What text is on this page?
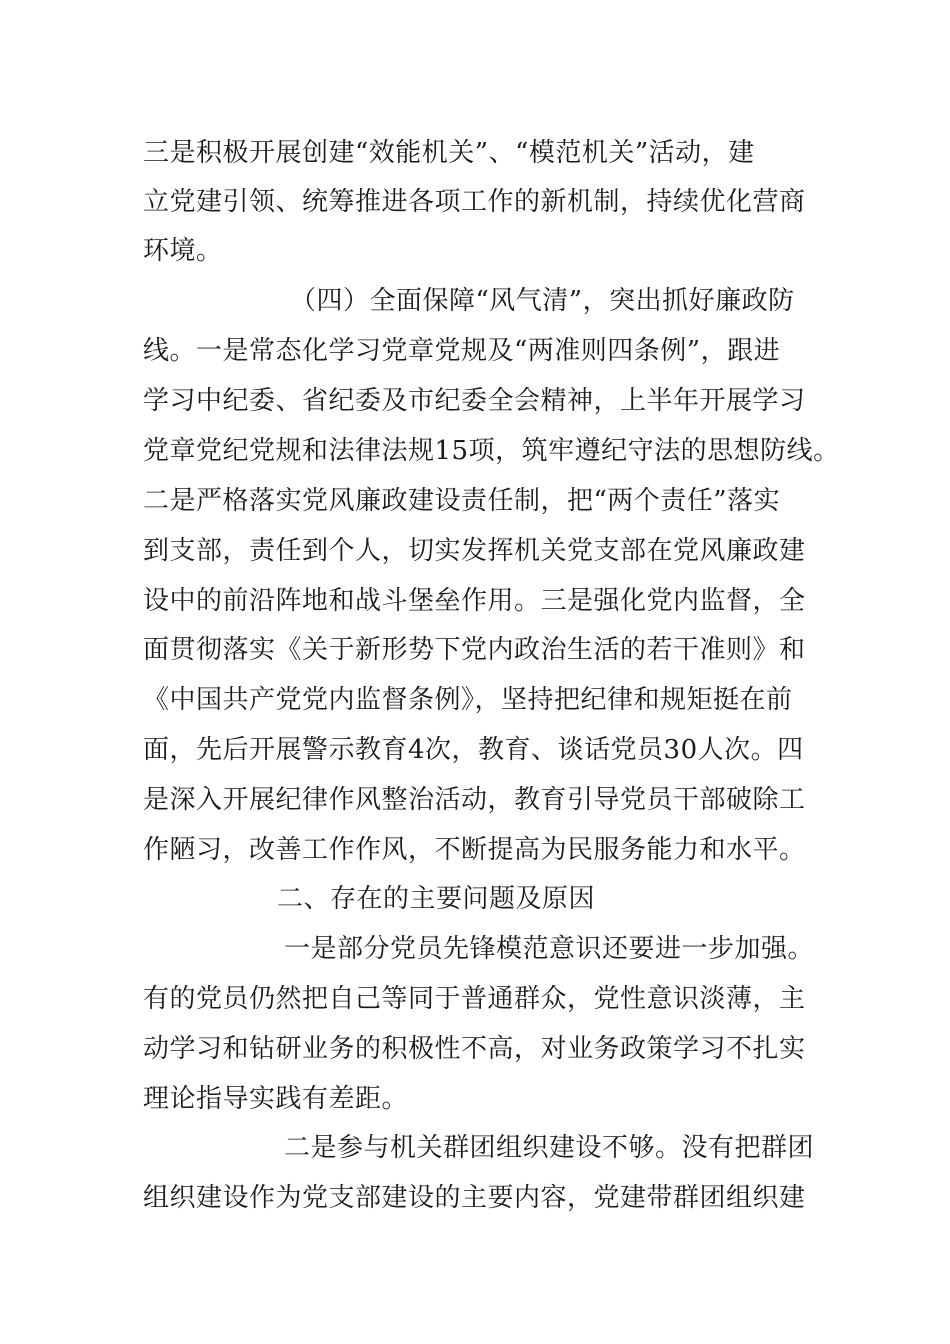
三是积极开展创建“效能机关”、“模范机关”活动，建
立党建引领、统筹推进各项工作的新机制，持续优化营商
环境。
（四）全面保障“风气清”，突出抓好廉政防
线。一是常态化学习党章党规及“两准则四条例”，跟进
学习中纪委、省纪委及市纪委全会精神，上半年开展学习
党章党纪党规和法律法规15项，筑牢遵纪守法的思想防线。
二是严格落实党风廉政建设责任制，把“两个责任”落实
到支部，责任到个人，切实发挥机关党支部在党风廉政建
设中的前沿阵地和战斗堡垒作用。三是强化党内监督，全
面贯彻落实《关于新形势下党内政治生活的若干准则》和
《中国共产党党内监督条例》，坚持把纪律和规矩挺在前
面，先后开展警示教育4次，教育、谈话党员30人次。四
是深入开展纪律作风整治活动，教育引导党员干部破除工
作陋习，改善工作作风，不断提高为民服务能力和水平。
二、存在的主要问题及原因
一是部分党员先锋模范意识还要进一步加强。
有的党员仍然把自己等同于普通群众，党性意识淡薄，主
动学习和钻研业务的积极性不高，对业务政策学习不扎实
理论指导实践有差距。
二是参与机关群团组织建设不够。没有把群团
组织建设作为党支部建设的主要内容，党建带群团组织建
